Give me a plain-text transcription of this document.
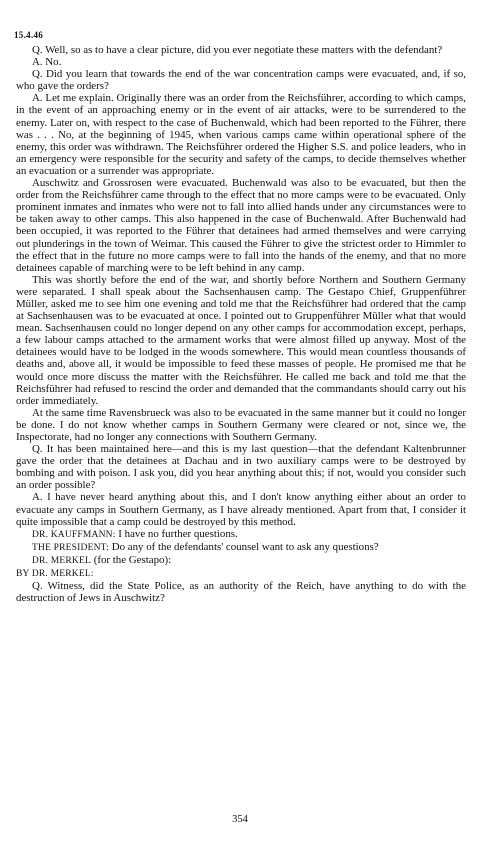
15.4.46

Q. Well, so as to have a clear picture, did you ever negotiate these matters with the defendant?

A. No.

Q. Did you learn that towards the end of the war concentration camps were evacuated, and, if so, who gave the orders?

A. Let me explain. Originally there was an order from the Reichsführer, according to which camps, in the event of an approaching enemy or in the event of air attacks, were to be surrendered to the enemy. Later on, with respect to the case of Buchenwald, which had been reported to the Führer, there was . . . No, at the beginning of 1945, when various camps came within operational sphere of the enemy, this order was withdrawn. The Reichsführer ordered the Higher S.S. and police leaders, who in an emergency were responsible for the security and safety of the camps, to decide themselves whether an evacuation or a surrender was appropriate.

Auschwitz and Grossrosen were evacuated. Buchenwald was also to be evacuated, but then the order from the Reichsführer came through to the effect that no more camps were to be evacuated. Only prominent inmates and inmates who were not to fall into allied hands under any circumstances were to be taken away to other camps. This also happened in the case of Buchenwald. After Buchenwald had been occupied, it was reported to the Führer that detainees had armed themselves and were carrying out plunderings in the town of Weimar. This caused the Führer to give the strictest order to Himmler to the effect that in the future no more camps were to fall into the hands of the enemy, and that no more detainees capable of marching were to be left behind in any camp.

This was shortly before the end of the war, and shortly before Northern and Southern Germany were separated. I shall speak about the Sachsenhausen camp. The Gestapo Chief, Gruppenführer Müller, asked me to see him one evening and told me that the Reichsführer had ordered that the camp at Sachsenhausen was to be evacuated at once. I pointed out to Gruppenführer Müller what that would mean. Sachsenhausen could no longer depend on any other camps for accommodation except, perhaps, a few labour camps attached to the armament works that were almost filled up anyway. Most of the detainees would have to be lodged in the woods somewhere. This would mean countless thousands of deaths and, above all, it would be impossible to feed these masses of people. He promised me that he would once more discuss the matter with the Reichsführer. He called me back and told me that the Reichsführer had refused to rescind the order and demanded that the commandants should carry out his order immediately.

At the same time Ravensbrueck was also to be evacuated in the same manner but it could no longer be done. I do not know whether camps in Southern Germany were cleared or not, since we, the Inspectorate, had no longer any connections with Southern Germany.

Q. It has been maintained here—and this is my last question—that the defendant Kaltenbrunner gave the order that the detainees at Dachau and in two auxiliary camps were to be destroyed by bombing and with poison. I ask you, did you hear anything about this; if not, would you consider such an order possible?

A. I have never heard anything about this, and I don't know anything either about an order to evacuate any camps in Southern Germany, as I have already mentioned. Apart from that, I consider it quite impossible that a camp could be destroyed by this method.

DR. KAUFFMANN: I have no further questions.

THE PRESIDENT: Do any of the defendants' counsel want to ask any questions?

DR. MERKEL (for the Gestapo):

BY DR. MERKEL:

Q. Witness, did the State Police, as an authority of the Reich, have anything to do with the destruction of Jews in Auschwitz?

354
